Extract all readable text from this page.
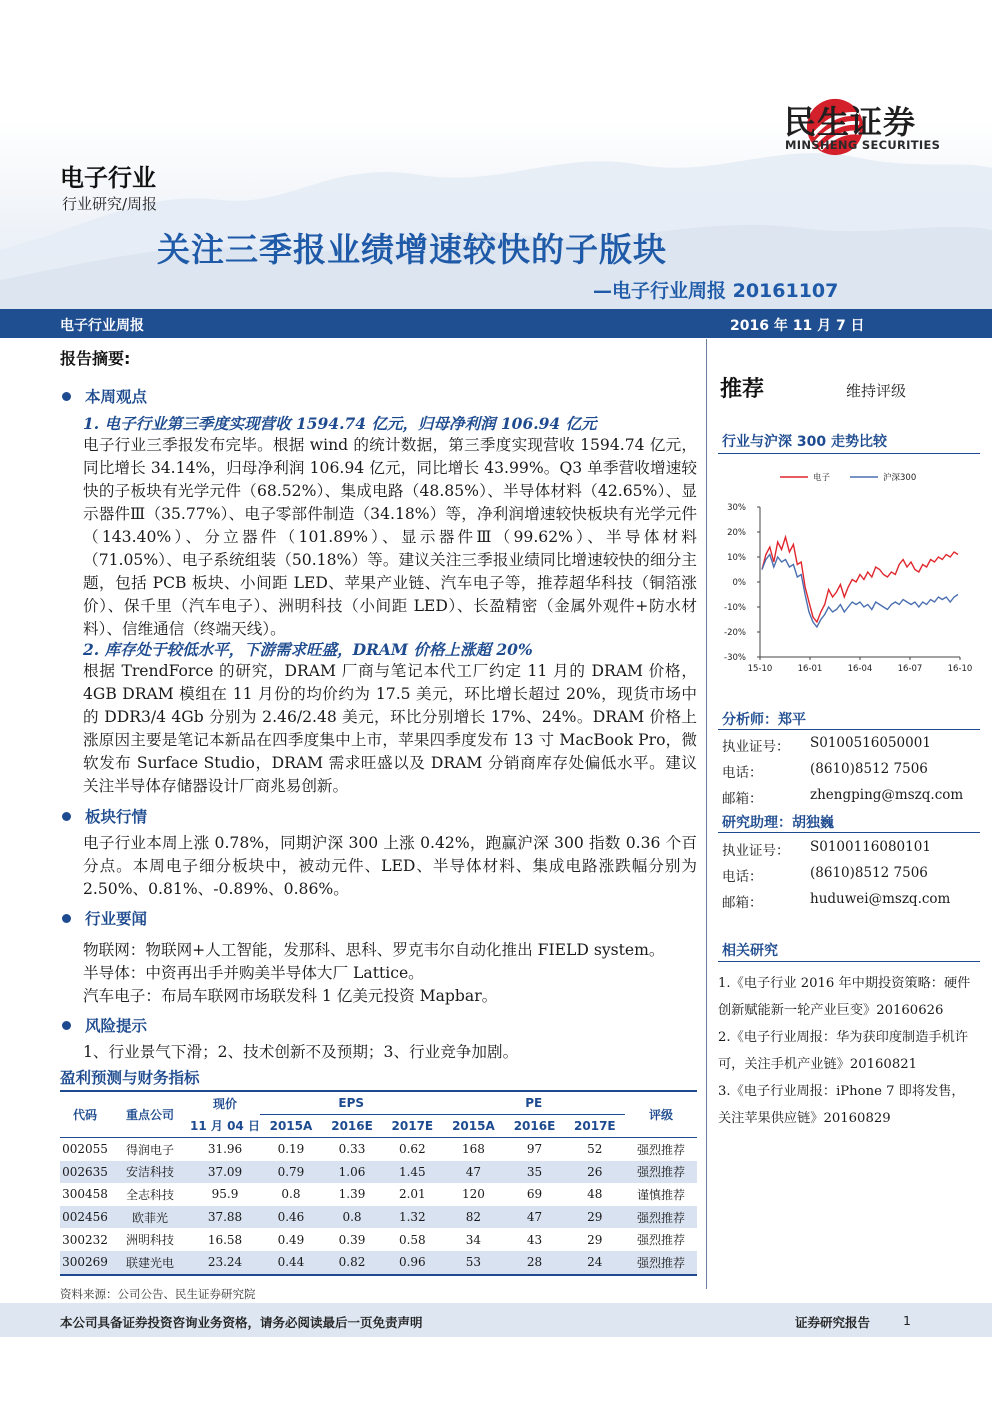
民生证券
MINSHENG SECURITIES
电子行业
行业研究/周报
关注三季报业绩增速较快的子版块
—电子行业周报 20161107
电子行业周报	2016 年 11 月 7 日
报告摘要:
本周观点
1. 电子行业第三季度实现营收 1594.74 亿元，归母净利润 106.94 亿元

电子行业三季报发布完毕。根据 wind 的统计数据，第三季度实现营收 1594.74 亿元，同比增长 34.14%，归母净利润 106.94 亿元，同比增长 43.99%。Q3 单季营收增速较快的子板块有光学元件（68.52%）、集成电路（48.85%）、半导体材料（42.65%）、显示器件Ⅲ（35.77%）、电子零部件制造（34.18%）等，净利润增速较快板块有光学元件（143.40%）、分立器件（101.89%）、显示器件Ⅲ（99.62%）、半导体材料（71.05%）、电子系统组装（50.18%）等。建议关注三季报业绩同比增速较快的细分主题，包括 PCB 板块、小间距 LED、苹果产业链、汽车电子等，推荐超华科技（铜箔涨价）、保千里（汽车电子）、洲明科技（小间距 LED）、长盈精密（金属外观件+防水材料）、信维通信（终端天线）。

2. 库存处于较低水平，下游需求旺盛，DRAM 价格上涨超 20%

根据 TrendForce 的研究，DRAM 厂商与笔记本代工厂约定 11 月的 DRAM 价格，4GB DRAM 模组在 11 月份的均价约为 17.5 美元，环比增长超过 20%，现货市场中的 DDR3/4 4Gb 分别为 2.46/2.48 美元，环比分别增长 17%、24%。DRAM 价格上涨原因主要是笔记本新品在四季度集中上市，苹果四季度发布 13 寸 MacBook Pro，微软发布 Surface Studio，DRAM 需求旺盛以及 DRAM 分销商库存处偏低水平。建议关注半导体存储器设计厂商兆易创新。

板块行情

电子行业本周上涨 0.78%，同期沪深 300 上涨 0.42%，跑赢沪深 300 指数 0.36 个百分点。本周电子细分板块中，被动元件、LED、半导体材料、集成电路涨跌幅分别为 2.50%、0.81%、-0.89%、0.86%。

行业要闻

物联网：物联网+人工智能，发那科、思科、罗克韦尔自动化推出 FIELD system。

半导体：中资再出手并购美半导体大厂 Lattice。

汽车电子：布局车联网市场联发科 1 亿美元投资 Mapbar。

风险提示

1、行业景气下滑；2、技术创新不及预期；3、行业竞争加剧。

盈利预测与财务指标
代码	重点公司	现价	EPS			PE			评级
		11 月 04 日	2015A	2016E	2017E	2015A	2016E	2017E	
002055	得润电子	31.96	0.19	0.33	0.62	168	97	52	强烈推荐
002635	安洁科技	37.09	0.79	1.06	1.45	47	35	26	强烈推荐
300458	全志科技	95.9	0.8	1.39	2.01	120	69	48	谨慎推荐
002456	欧菲光	37.88	0.46	0.8	1.32	82	47	29	强烈推荐
300232	洲明科技	16.58	0.49	0.39	0.58	34	43	29	强烈推荐
300269	联建光电	23.24	0.44	0.82	0.96	53	28	24	强烈推荐
资料来源：公司公告、民生证券研究院
推荐	维持评级
行业与沪深 300 走势比较
电子	沪深300
30%
20%
10%
0%
-10%
-20%
-30%
15-10	16-01	16-04	16-07	16-10
分析师：郑平
执业证号： S0100516050001
电话：	(8610)8512 7506
邮箱：	zhengping@mszq.com
研究助理：胡独巍
执业证号： S0100116080101
电话：	(8610)8512 7506
邮箱：	huduwei@mszq.com
相关研究

1.《电子行业 2016 年中期投资策略：硬件创新赋能新一轮产业巨变》20160626

2.《电子行业周报：华为获印度制造手机许可，关注手机产业链》20160821

3.《电子行业周报：iPhone 7 即将发售，关注苹果供应链》20160829

本公司具备证券投资咨询业务资格，请务必阅读最后一页免责声明	证券研究报告	1
